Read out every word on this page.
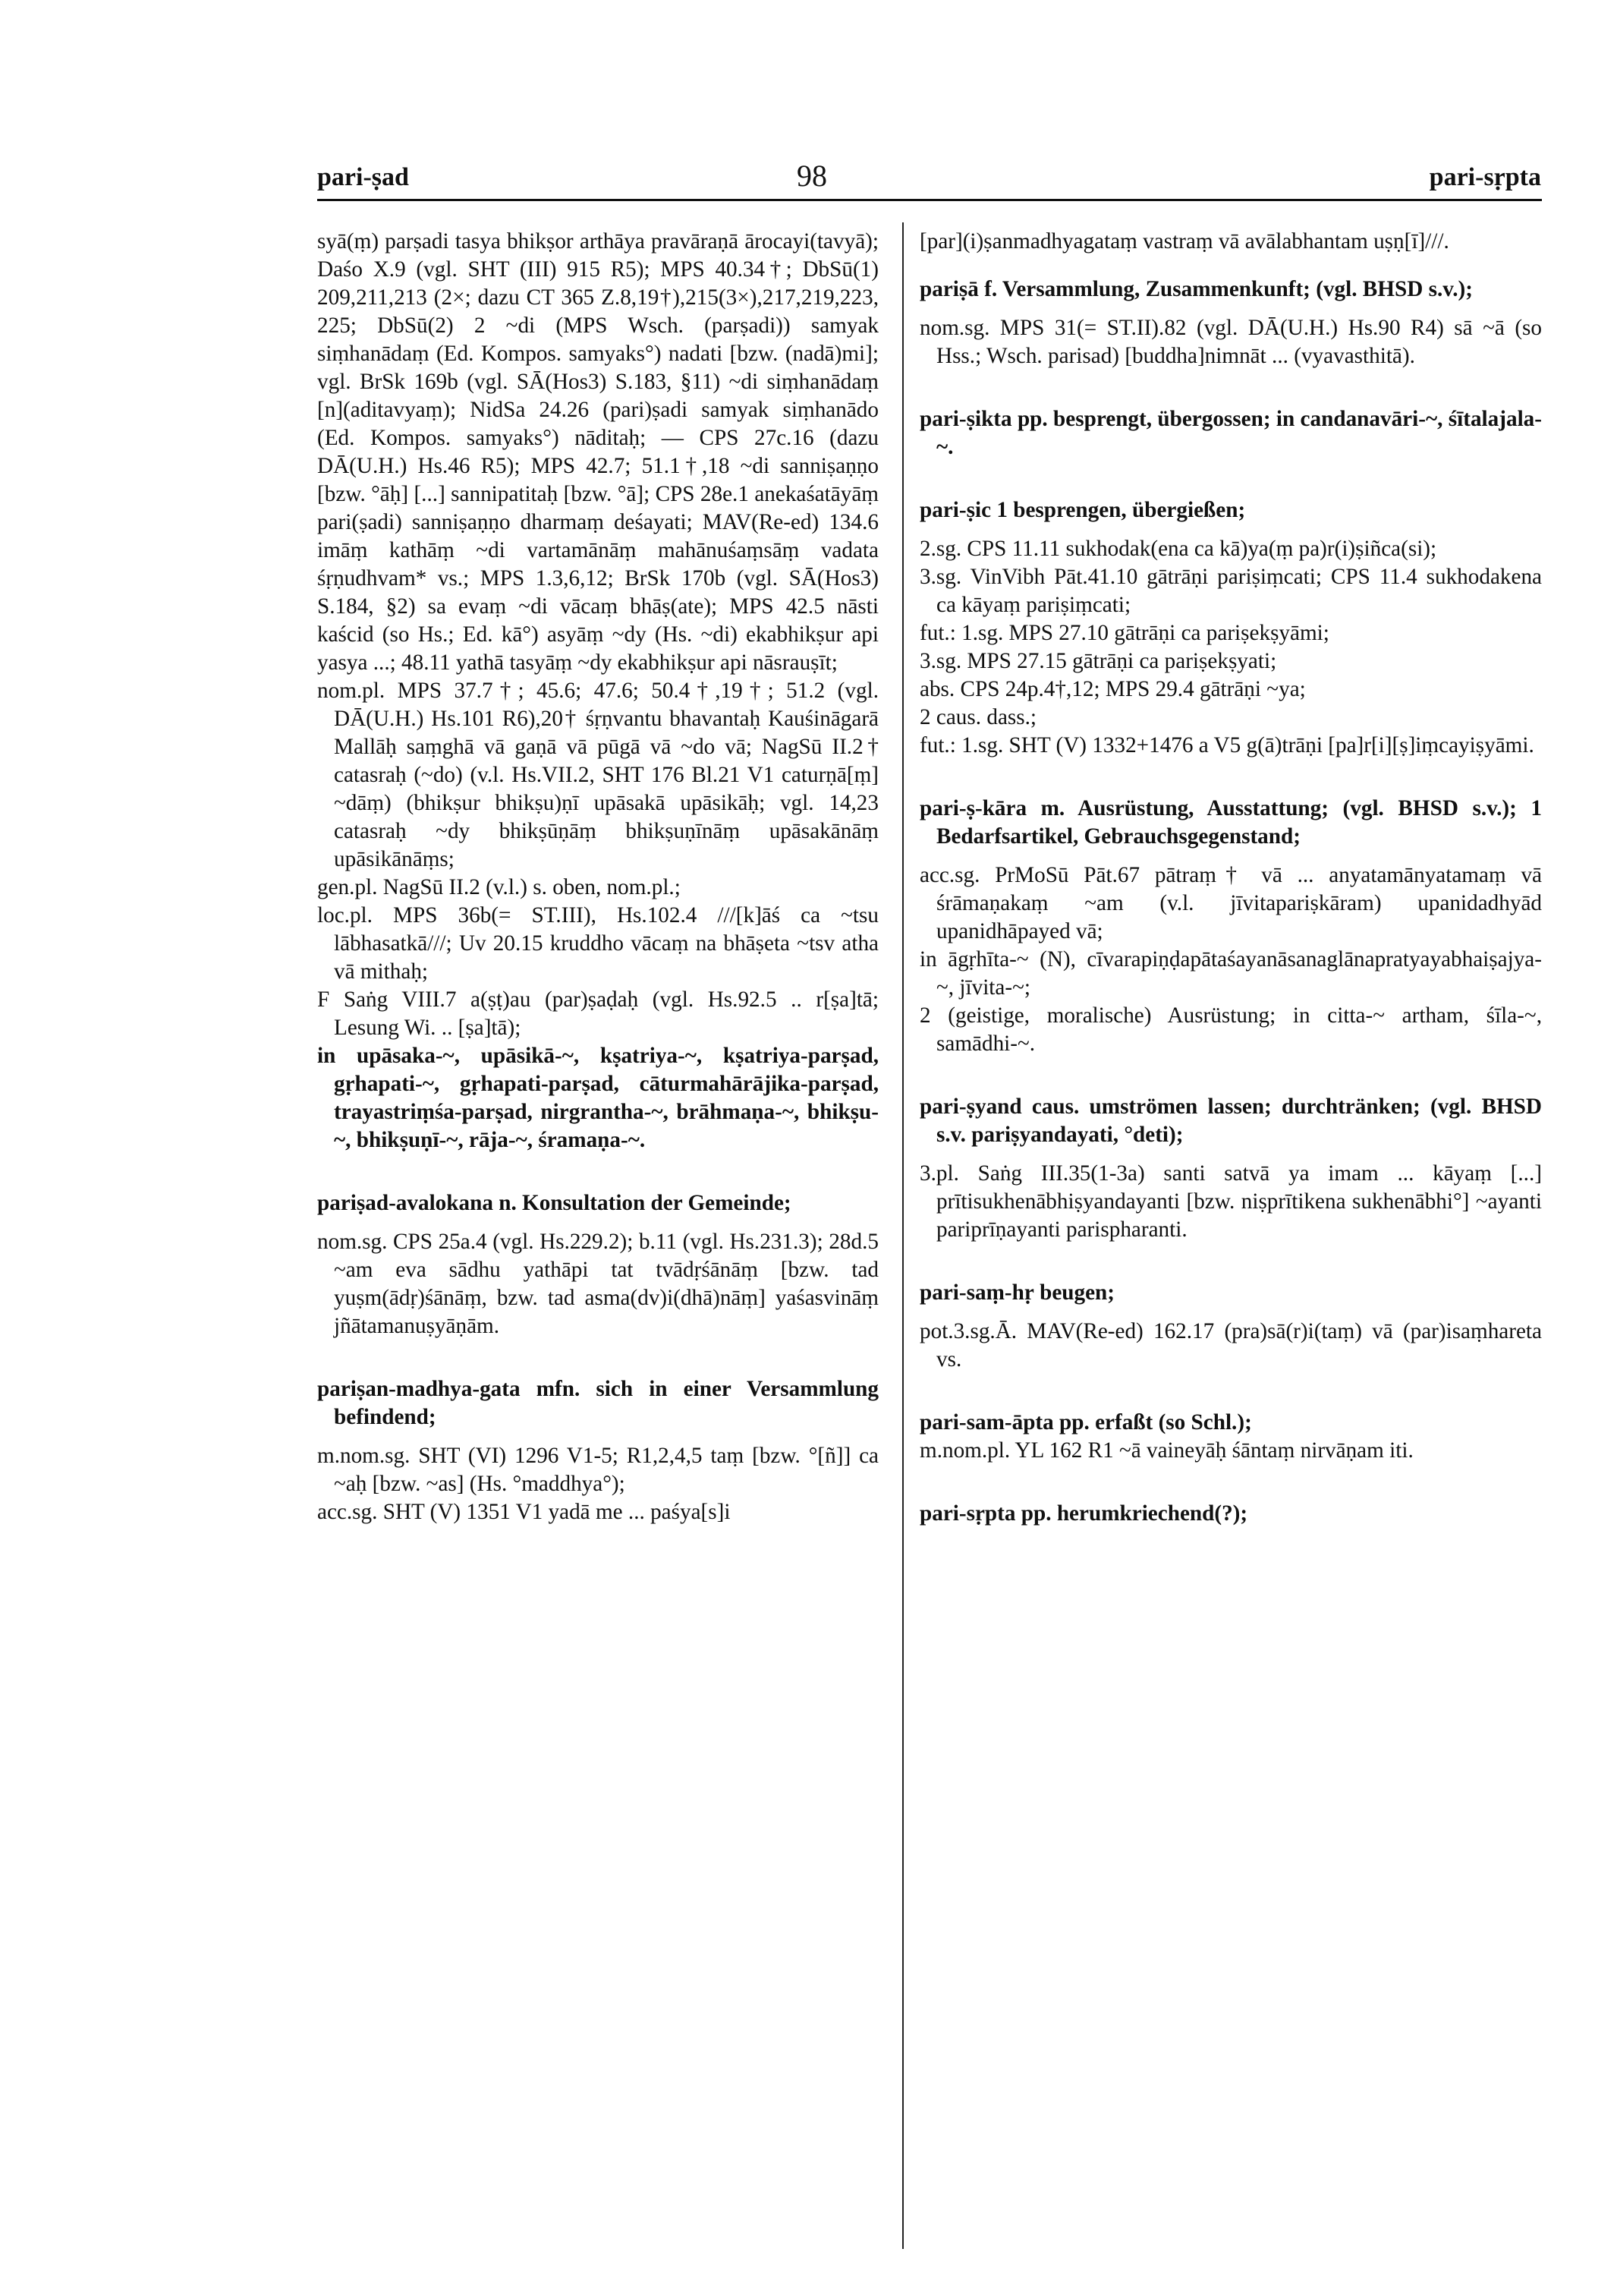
pari-ṣad	98	pari-sṛpta

syā(ṃ) parṣadi tasya bhikṣor arthāya pravāraṇā ārocayi(tavyā); Daśo X.9 (vgl. SHT (III) 915 R5); MPS 40.34†; DbSū(1) 209,211,213 (2×; dazu CT 365 Z.8,19†),215(3×),217,219,223, 225; DbSū(2) 2 ~di (MPS Wsch. (parṣadi)) samyak siṃhanādaṃ (Ed. Kompos. samyaks°) nadati [bzw. (nadā)mi]; vgl. BrSk 169b (vgl. SĀ(Hos3) S.183, §11) ~di siṃhanādaṃ [n](aditavyaṃ); NidSa 24.26 (pari)ṣadi samyak siṃhanādo (Ed. Kompos. samyaks°) nāditaḥ; — CPS 27c.16 (dazu DĀ(U.H.) Hs.46 R5); MPS 42.7; 51.1†,18 ~di sanniṣaṇṇo [bzw. °āḥ] [...] sannipatitaḥ [bzw. °ā]; CPS 28e.1 anekaśatāyāṃ pari(ṣadi) sanniṣaṇṇo dharmaṃ deśayati; MAV(Re-ed) 134.6 imāṃ kathāṃ ~di vartamānāṃ mahānuśaṃsāṃ vadata śṛṇudhvam* vs.; MPS 1.3,6,12; BrSk 170b (vgl. SĀ(Hos3) S.184, §2) sa evaṃ ~di vācaṃ bhāṣ(ate); MPS 42.5 nāsti kaścid (so Hs.; Ed. kā°) asyāṃ ~dy (Hs. ~di) ekabhikṣur api yasya ...; 48.11 yathā tasyāṃ ~dy ekabhikṣur api nāsrauṣīt;

nom.pl. MPS 37.7†; 45.6; 47.6; 50.4†,19†; 51.2 (vgl. DĀ(U.H.) Hs.101 R6),20† śṛṇvantu bhavantaḥ Kauśināgarā Mallāḥ saṃghā vā gaṇā vā pūgā vā ~do vā; NagSū II.2† catasraḥ (~do) (v.l. Hs.VII.2, SHT 176 Bl.21 V1 caturṇā[ṃ] ~dāṃ) (bhikṣur bhikṣu)ṇī upāsakā upāsikāḥ; vgl. 14,23 catasraḥ ~dy bhikṣūṇāṃ bhikṣuṇīnāṃ upāsakānāṃ upāsikānāṃs;

gen.pl. NagSū II.2 (v.l.) s. oben, nom.pl.;

loc.pl. MPS 36b(= ST.III), Hs.102.4 ///[k]āś ca ~tsu lābhasatkā///; Uv 20.15 kruddho vācaṃ na bhāṣeta ~tsv atha vā mithaḥ;

F Saṅg VIII.7 a(ṣṭ)au (par)ṣaḍaḥ (vgl. Hs.92.5 .. r[ṣa]tā; Lesung Wi. .. [ṣa]tā);

in upāsaka-~, upāsikā-~, kṣatriya-~, kṣatriya-parṣad, gṛhapati-~, gṛhapati-parṣad, cāturmahārājika-parṣad, trayastriṃśa-parṣad, nirgrantha-~, brāhmaṇa-~, bhikṣu-~, bhikṣuṇī-~, rāja-~, śramaṇa-~.

pariṣad-avalokana n. Konsultation der Gemeinde;

nom.sg. CPS 25a.4 (vgl. Hs.229.2); b.11 (vgl. Hs.231.3); 28d.5 ~am eva sādhu yathāpi tat tvādṛśānāṃ [bzw. tad yuṣm(ādṛ)śānāṃ, bzw. tad asma(dv)i(dhā)nāṃ] yaśasvināṃ jñātamanuṣyāṇām.

pariṣan-madhya-gata mfn. sich in einer Versammlung befindend;

m.nom.sg. SHT (VI) 1296 V1-5; R1,2,4,5 taṃ [bzw. °[ñ]] ca ~aḥ [bzw. ~as] (Hs. °maddhya°);

acc.sg. SHT (V) 1351 V1 yadā me ... paśya[s]i

[par](i)ṣanmadhyagataṃ vastraṃ vā avālabhantam uṣṇ[ī]///.

pariṣā f. Versammlung, Zusammenkunft; (vgl. BHSD s.v.);

nom.sg. MPS 31(= ST.II).82 (vgl. DĀ(U.H.) Hs.90 R4) sā ~ā (so Hss.; Wsch. parisad) [buddha]nimnāt ... (vyavasthitā).

pari-ṣikta pp. besprengt, übergossen; in candanavāri-~, śītalajala-~.

pari-ṣic 1 besprengen, übergießen;

2.sg. CPS 11.11 sukhodak(ena ca kā)ya(ṃ pa)r(i)ṣiñca(si);

3.sg. VinVibh Pāt.41.10 gātrāṇi pariṣiṃcati; CPS 11.4 sukhodakena ca kāyaṃ pariṣiṃcati;

fut.: 1.sg. MPS 27.10 gātrāṇi ca pariṣekṣyāmi;

3.sg. MPS 27.15 gātrāṇi ca pariṣekṣyati;

abs. CPS 24p.4†,12; MPS 29.4 gātrāṇi ~ya;

2 caus. dass.;

fut.: 1.sg. SHT (V) 1332+1476 a V5 g(ā)trāṇi [pa]r[i][ṣ]iṃcayiṣyāmi.

pari-ṣ-kāra m. Ausrüstung, Ausstattung; (vgl. BHSD s.v.); 1 Bedarfsartikel, Gebrauchsgegenstand;

acc.sg. PrMoSū Pāt.67 pātraṃ† vā ... anyatamānyatamaṃ vā śrāmaṇakaṃ ~am (v.l. jīvitapariṣkāram) upanidadhyād upanidhāpayed vā;

in āgṛhīta-~ (N), cīvarapiṇḍapātaśayanāsanaglānapratyayabhaiṣajya-~, jīvita-~;

2 (geistige, moralische) Ausrüstung; in citta-~ artham, śīla-~, samādhi-~.

pari-ṣyand caus. umströmen lassen; durchtränken; (vgl. BHSD s.v. pariṣyandayati, °deti);

3.pl. Saṅg III.35(1-3a) santi satvā ya imam ... kāyaṃ [...] prītisukhenābhiṣyandayanti [bzw. niṣprītikena sukhenābhi°] ~ayanti pariprīṇayanti parispharanti.

pari-saṃ-hṛ beugen;

pot.3.sg.Ā. MAV(Re-ed) 162.17 (pra)sā(r)i(taṃ) vā (par)isaṃhareta vs.

pari-sam-āpta pp. erfaßt (so Schl.);

m.nom.pl. YL 162 R1 ~ā vaineyāḥ śāntaṃ nirvāṇam iti.

pari-sṛpta pp. herumkriechend(?);
